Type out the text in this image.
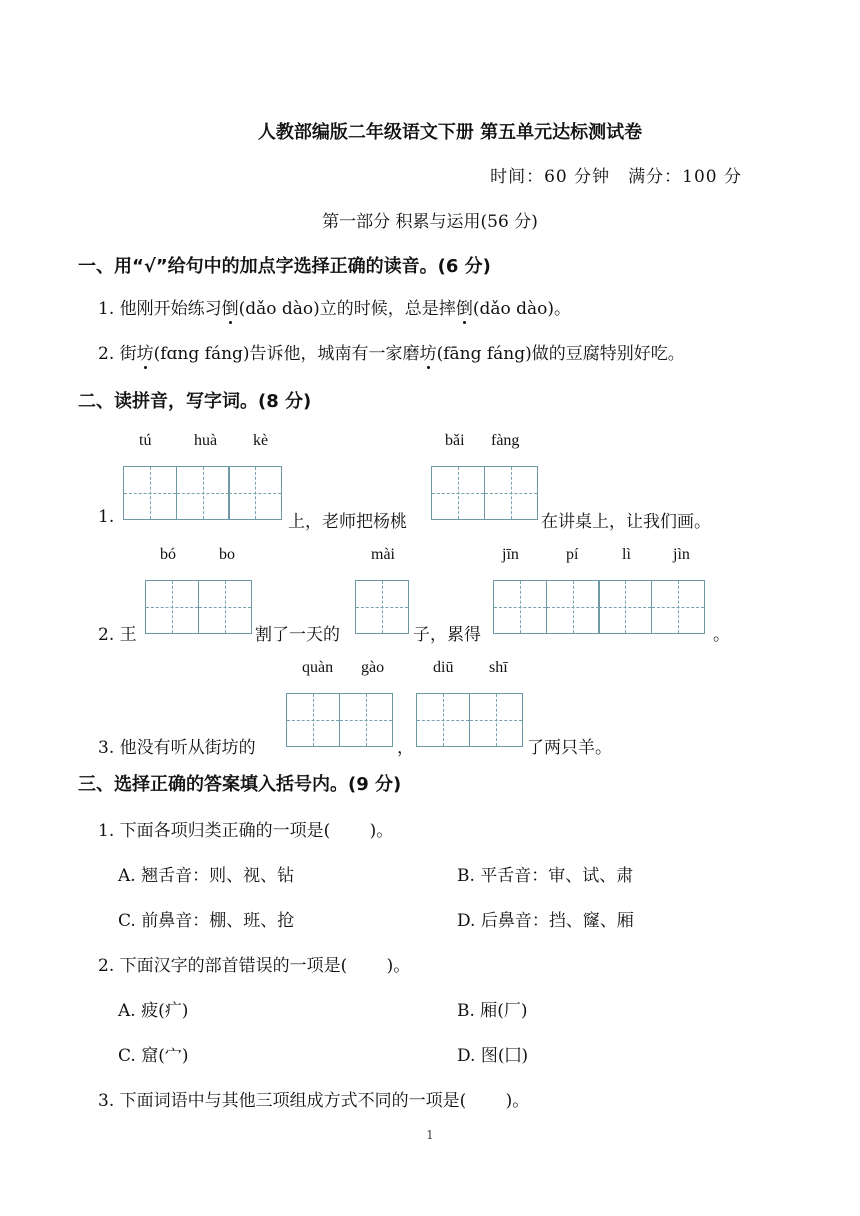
人教部编版二年级语文下册 第五单元达标测试卷
时间：60 分钟　满分：100 分
第一部分 积累与运用(56 分)
一、用“√”给句中的加点字选择正确的读音。(6 分)
1. 他刚开始练习倒(dǎo dào)立的时候，总是摔倒(dǎo dào)。
2. 街坊(fɑng fáng)告诉他，城南有一家磨坊(fāng fáng)做的豆腐特别好吃。
二、读拼音，写字词。(8 分)
tú	huà kè	bǎi fàng
1.	上，老师把杨桃	在讲桌上，让我们画。
bó	bo	mài	jīn	pí	lì	jìn
2. 王	割了一天的	子，累得	。
quàn gào	diū shī
3. 他没有听从街坊的	，	了两只羊。
三、选择正确的答案填入括号内。(9 分)
1. 下面各项归类正确的一项是(　　 )。
A. 翘舌音：则、视、钻	B. 平舌音：审、试、肃
C. 前鼻音：棚、班、抢	D. 后鼻音：挡、窿、厢
2. 下面汉字的部首错误的一项是(　　 )。
A. 疲(疒)	B. 厢(厂)
C. 窟(宀)	D. 图(囗)
3. 下面词语中与其他三项组成方式不同的一项是(　　 )。
1
